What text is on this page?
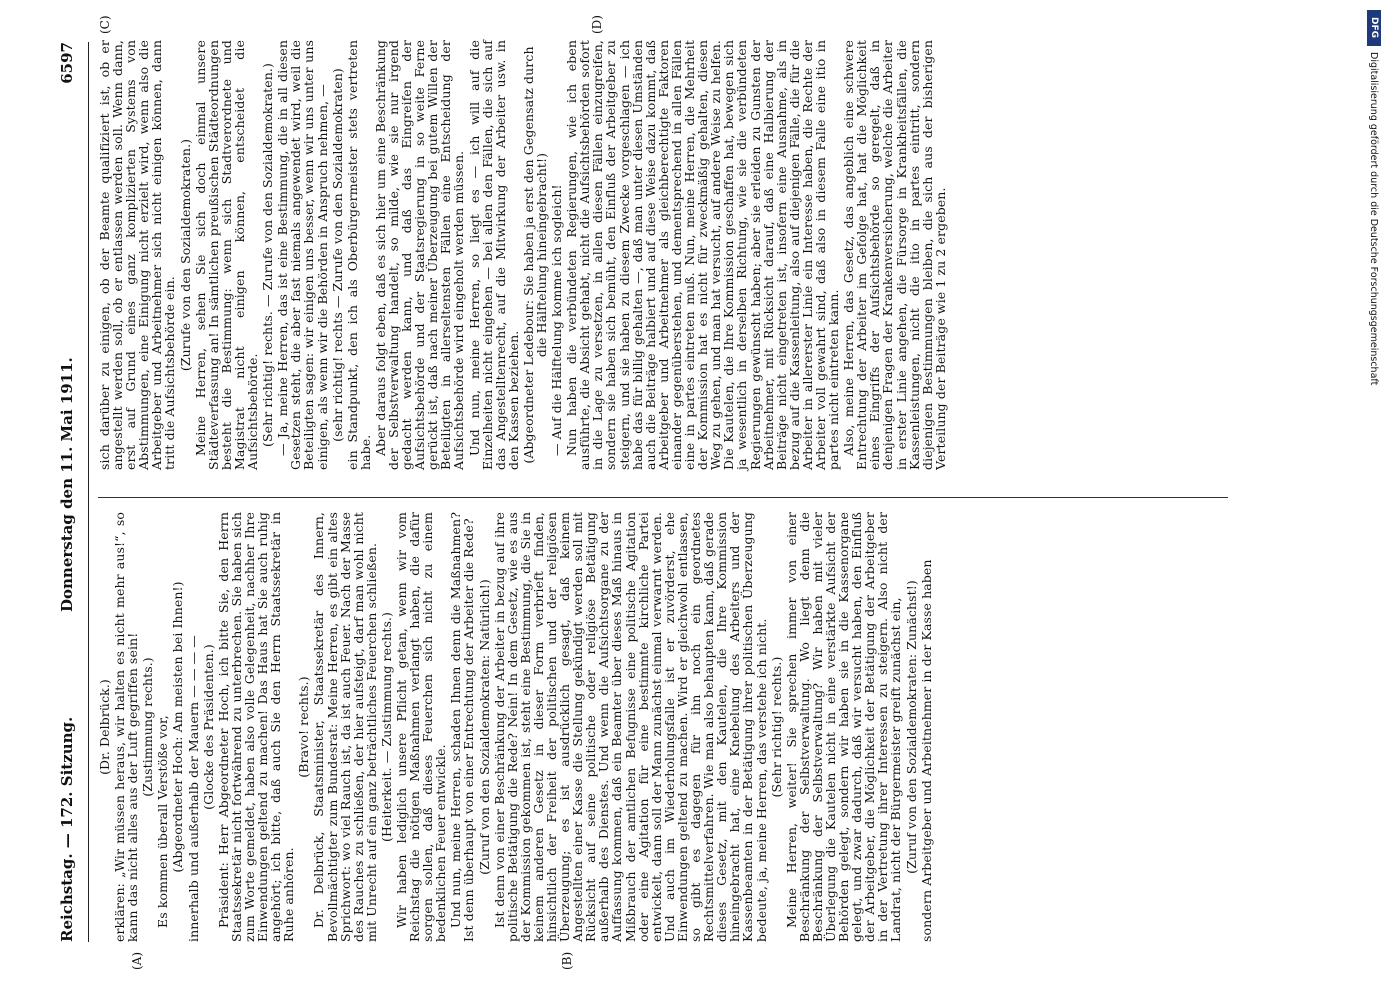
Reichstag. — 172. Sitzung.
Donnerstag den 11. Mai 1911.
6597
(A)	(B)
(C)	(D)

(Dr. Delbrück.) erklären: „Wir müssen heraus, wir halten es nicht mehr aus!“, so kann das nicht alles aus der Luft gegriffen sein! (Zustimmung rechts.) Es kommen überall Verstöße vor, (Abgeordneter Hoch: Am meisten bei Ihnen!) innerhalb und außerhalb der Mauern — — — — (Glocke des Präsidenten.) Präsident: Herr Abgeordneter Hoch, ich bitte Sie, den Herrn Staatssekretär nicht fortwährend zu unterbrechen. Sie haben sich zum Worte gemeldet, haben also volle Gelegenheit, nachher Ihre Einwendungen geltend zu machen! Das Haus hat Sie auch ruhig angehört; ich bitte, daß auch Sie den Herrn Staatssekretär in Ruhe anhören.

(Bravo! rechts.) Dr. Delbrück, Staatsminister, Staatssekretär des Innern, Bevollmächtigter zum Bundesrat: Meine Herren, es gibt ein altes Sprichwort: wo viel Rauch ist, da ist auch Feuer. Nach der Masse des Rauches zu schließen, der hier aufsteigt, darf man wohl nicht mit Unrecht auf ein ganz beträchtliches Feuerchen schließen. (Heiterkeit. — Zustimmung rechts.) Wir haben lediglich unsere Pflicht getan, wenn wir vom Reichstag die nötigen Maßnahmen verlangt haben, die dafür sorgen sollen, daß dieses Feuerchen sich nicht zu einem bedenklichen Feuer entwickle. Und nun, meine Herren, schaden Ihnen denn die Maßnahmen? Ist denn überhaupt von einer Entrechtung der Arbeiter die Rede? (Zuruf von den Sozialdemokraten: Natürlich!) Ist denn von einer Beschränkung der Arbeiter in bezug auf ihre politische Betätigung die Rede? Nein! In dem Gesetz, wie es aus der Kommission gekommen ist, steht eine Bestimmung, die Sie in keinem anderen Gesetz in dieser Form verbrieft finden, hinsichtlich der Freiheit der politischen und der religiösen Überzeugung; es ist ausdrücklich gesagt, daß keinem Angestellten einer Kasse die Stellung gekündigt werden soll mit Rücksicht auf seine politische oder religiöse Betätigung außerhalb des Dienstes. Und wenn die Aufsichtsorgane zu der Auffassung kommen, daß ein Beamter über dieses Maß hinaus in Mißbrauch der amtlichen Befugnisse eine politische Agitation oder eine Agitation für eine bestimmte kirchliche Partei entwickelt, dann soll der Mann zunächst einmal verwarnt werden. Und auch im Wiederholungsfalle ist er zuvörderst, ehe Einwendungen geltend zu machen. Wird er gleichwohl entlassen, so gibt es dagegen für ihn noch ein geordnetes Rechtsmittelverfahren. Wie man also behaupten kann, daß gerade dieses Gesetz, mit den Kautelen, die Ihre Kommission hineingebracht hat, eine Knebelung des Arbeiters und der Kassenbeamten in der Betätigung ihrer politischen Überzeugung bedeute, ja, meine Herren, das verstehe ich nicht. (Sehr richtig! rechts.) Meine Herren, weiter! Sie sprechen immer von einer Beschränkung der Selbstverwaltung. Wo liegt denn die Beschränkung der Selbstverwaltung? Wir haben mit vieler Überlegung die Kautelen nicht in eine verstärkte Aufsicht der Behörden gelegt, sondern wir haben sie in die Kassenorgane gelegt, und zwar dadurch, daß wir versucht haben, den Einfluß der Arbeitgeber, die Möglichkeit der Betätigung der Arbeitgeber in der Vertretung ihrer Interessen zu steigern. Also nicht der Landrat, nicht der Bürgermeister greift zunächst ein, (Zuruf von den Sozialdemokraten: Zunächst!) sondern Arbeitgeber und Arbeitnehmer in der Kasse haben

sich darüber zu einigen, ob der Beamte qualifiziert ist, ob er angestellt werden soll, ob er entlassen werden soll. Wenn dann, erst auf Grund eines ganz komplizierten Systems von Abstimmungen, eine Einigung nicht erzielt wird, wenn also die Arbeitgeber und Arbeitnehmer sich nicht einigen können, dann tritt die Aufsichtsbehörde ein.

(Zurufe von den Sozialdemokraten.) Meine Herren, sehen Sie sich doch einmal unsere Städteverfassung an! In sämtlichen preußischen Städteordnungen besteht die Bestimmung: wenn sich Stadtverordnete und Magistrat nicht einigen können, entscheidet die Aufsichtsbehörde. (Sehr richtig! rechts. — Zurufe von den Sozialdemokraten.) — Ja, meine Herren, das ist eine Bestimmung, die in all diesen Gesetzen steht, die aber fast niemals angewendet wird, weil die Beteiligten sagen: wir einigen uns besser, wenn wir uns unter uns einigen, als wenn wir die Behörden in Anspruch nehmen, — (sehr richtig! rechts — Zurufe von den Sozialdemokraten) ein Standpunkt, den ich als Oberbürgermeister stets vertreten habe. Aber daraus folgt eben, daß es sich hier um eine Beschränkung der Selbstverwaltung handelt, so milde, wie sie nur irgend gedacht werden kann, und daß das Eingreifen der Aufsichtsbehörde und der Staatsregierung in so weite Ferne gerückt ist, daß nach meiner Überzeugung bei gutem Willen der Beteiligten in allerseltensten Fällen eine Entscheidung der Aufsichtsbehörde wird eingeholt werden müssen. Und nun, meine Herren, so liegt es — ich will auf die Einzelheiten nicht eingehen — bei allen den Fällen, die sich auf das Angestelltenrecht, auf die Mitwirkung der Arbeiter usw. in den Kassen beziehen. (Abgeordneter Ledebour: Sie haben ja erst den Gegensatz durch die Hälftelung hineingebracht!) — Auf die Hälftelung komme ich sogleich! Nun haben die verbündeten Regierungen, wie ich eben ausführte, die Absicht gehabt, nicht die Aufsichtsbehörden sofort in die Lage zu versetzen, in allen diesen Fällen einzugreifen, sondern sie haben sich bemüht, den Einfluß der Arbeitgeber zu steigern, und sie haben zu diesem Zwecke vorgeschlagen — ich habe das für billig gehalten —, daß man unter diesen Umständen auch die Beiträge halbiert und auf diese Weise dazu kommt, daß Arbeitgeber und Arbeitnehmer als gleichberechtigte Faktoren einander gegenüberstehen, und dementsprechend in allen Fällen eine in partes eintreten muß. Nun, meine Herren, die Mehrheit der Kommission hat es nicht für zweckmäßig gehalten, diesen Weg zu gehen, und man hat versucht, auf andere Weise zu helfen. Die Kautelen, die Ihre Kommission geschaffen hat, bewegen sich ja wesentlich in derselben Richtung, wie sie die verbündeten Regierungen gewünscht haben; aber sie erleiden zu Gunsten der Arbeitnehmer, mit Rücksicht darauf, daß eine Halbierung der Beiträge nicht eingetreten ist, insofern eine Ausnahme, als in bezug auf die Kassenleitung, also auf diejenigen Fälle, die für die Arbeiter in allererster Linie ein Interesse haben, die Rechte der Arbeiter voll gewahrt sind, daß also in diesem Falle eine itio in partes nicht eintreten kann. Also, meine Herren, das Gesetz, das angeblich eine schwere Entrechtung der Arbeiter im Gefolge hat, hat die Möglichkeit eines Eingriffs der Aufsichtsbehörde so geregelt, daß in denjenigen Fragen der Krankenversicherung, welche die Arbeiter in erster Linie angehen, die Fürsorge in Krankheitsfällen, die Kassenleistungen, nicht die itio in partes eintritt, sondern diejenigen Bestimmungen bleiben, die sich aus der bisherigen Verteilung der Beiträge wie 1 zu 2 ergeben.

DFG
Digitalisierung gefördert durch die Deutsche Forschungsgemeinschaft
